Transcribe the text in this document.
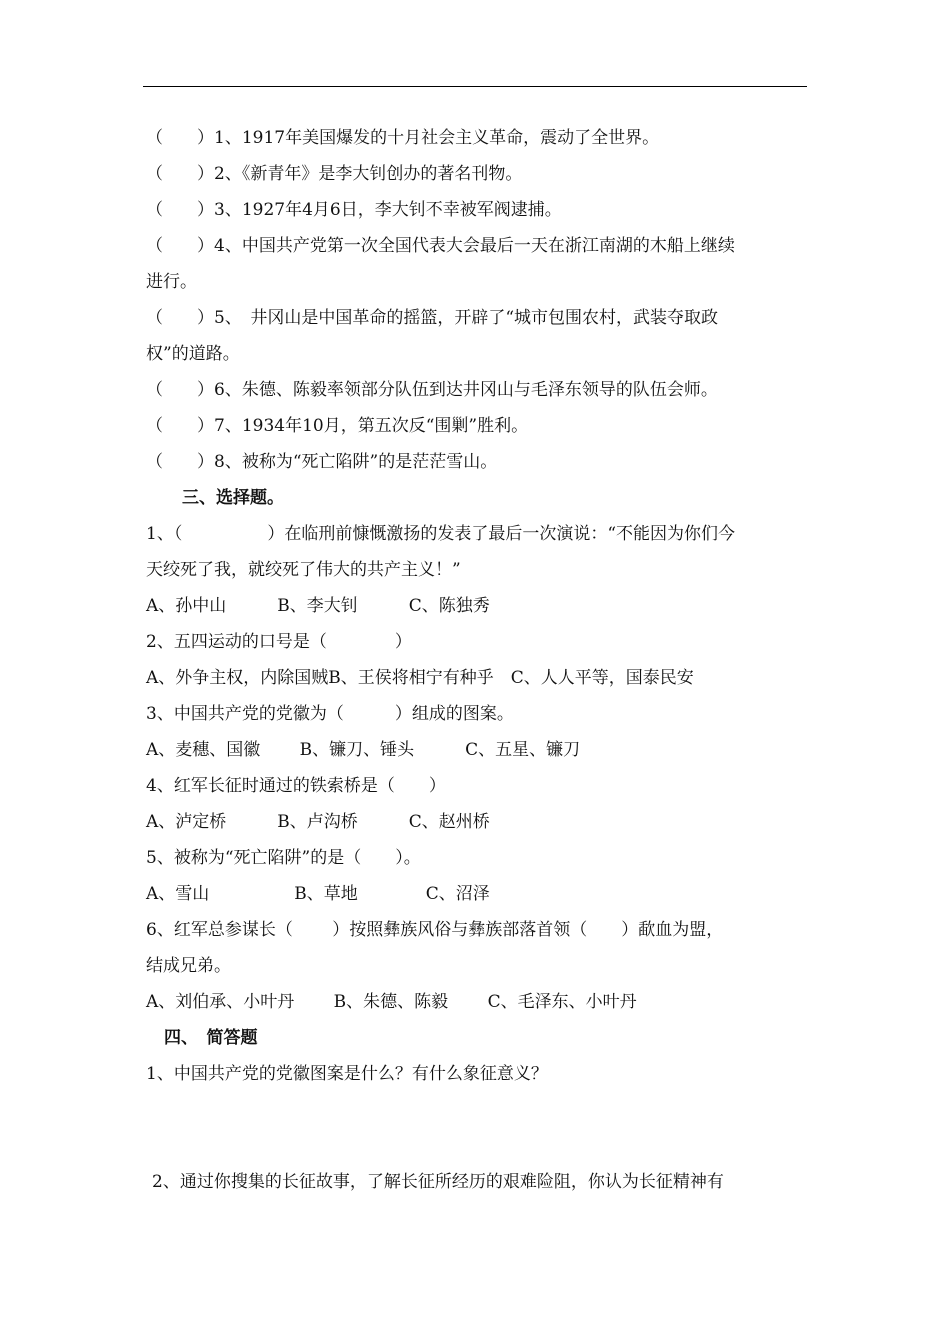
（　　）1、1917年美国爆发的十月社会主义革命，震动了全世界。
（　　）2、《新青年》是李大钊创办的著名刊物。
（　　）3、1927年4月6日，李大钊不幸被军阀逮捕。
（　　）4、中国共产党第一次全国代表大会最后一天在浙江南湖的木船上继续
进行。
（　　）5、　井冈山是中国革命的摇篮，开辟了“城市包围农村，武装夺取政
权”的道路。
（　　）6、朱德、陈毅率领部分队伍到达井冈山与毛泽东领导的队伍会师。
（　　）7、1934年10月，第五次反“围剿”胜利。
（　　）8、被称为“死亡陷阱”的是茫茫雪山。
三、选择题。
1、（　　　　　）在临刑前慷慨激扬的发表了最后一次演说：“不能因为你们今
天绞死了我，就绞死了伟大的共产主义！”
A、孙中山　　　B、李大钊　　　C、陈独秀
2、五四运动的口号是（　　　　）
A、外争主权，内除国贼B、王侯将相宁有种乎　C、人人平等，国泰民安
3、中国共产党的党徽为（　　　）组成的图案。
A、麦穗、国徽　　 B、镰刀、锤头　　　C、五星、镰刀
4、红军长征时通过的铁索桥是（　　）
A、泸定桥　　　B、卢沟桥　　　C、赵州桥
5、被称为“死亡陷阱”的是（　　）。
A、雪山　　　　　B、草地　　　　C、沼泽
6、红军总参谋长（　　 ）按照彝族风俗与彝族部落首领（　　）歃血为盟，
结成兄弟。
A、刘伯承、小叶丹　　 B、朱德、陈毅　　 C、毛泽东、小叶丹
四、　简答题
1、中国共产党的党徽图案是什么？有什么象征意义？
2、通过你搜集的长征故事，了解长征所经历的艰难险阻，你认为长征精神有
